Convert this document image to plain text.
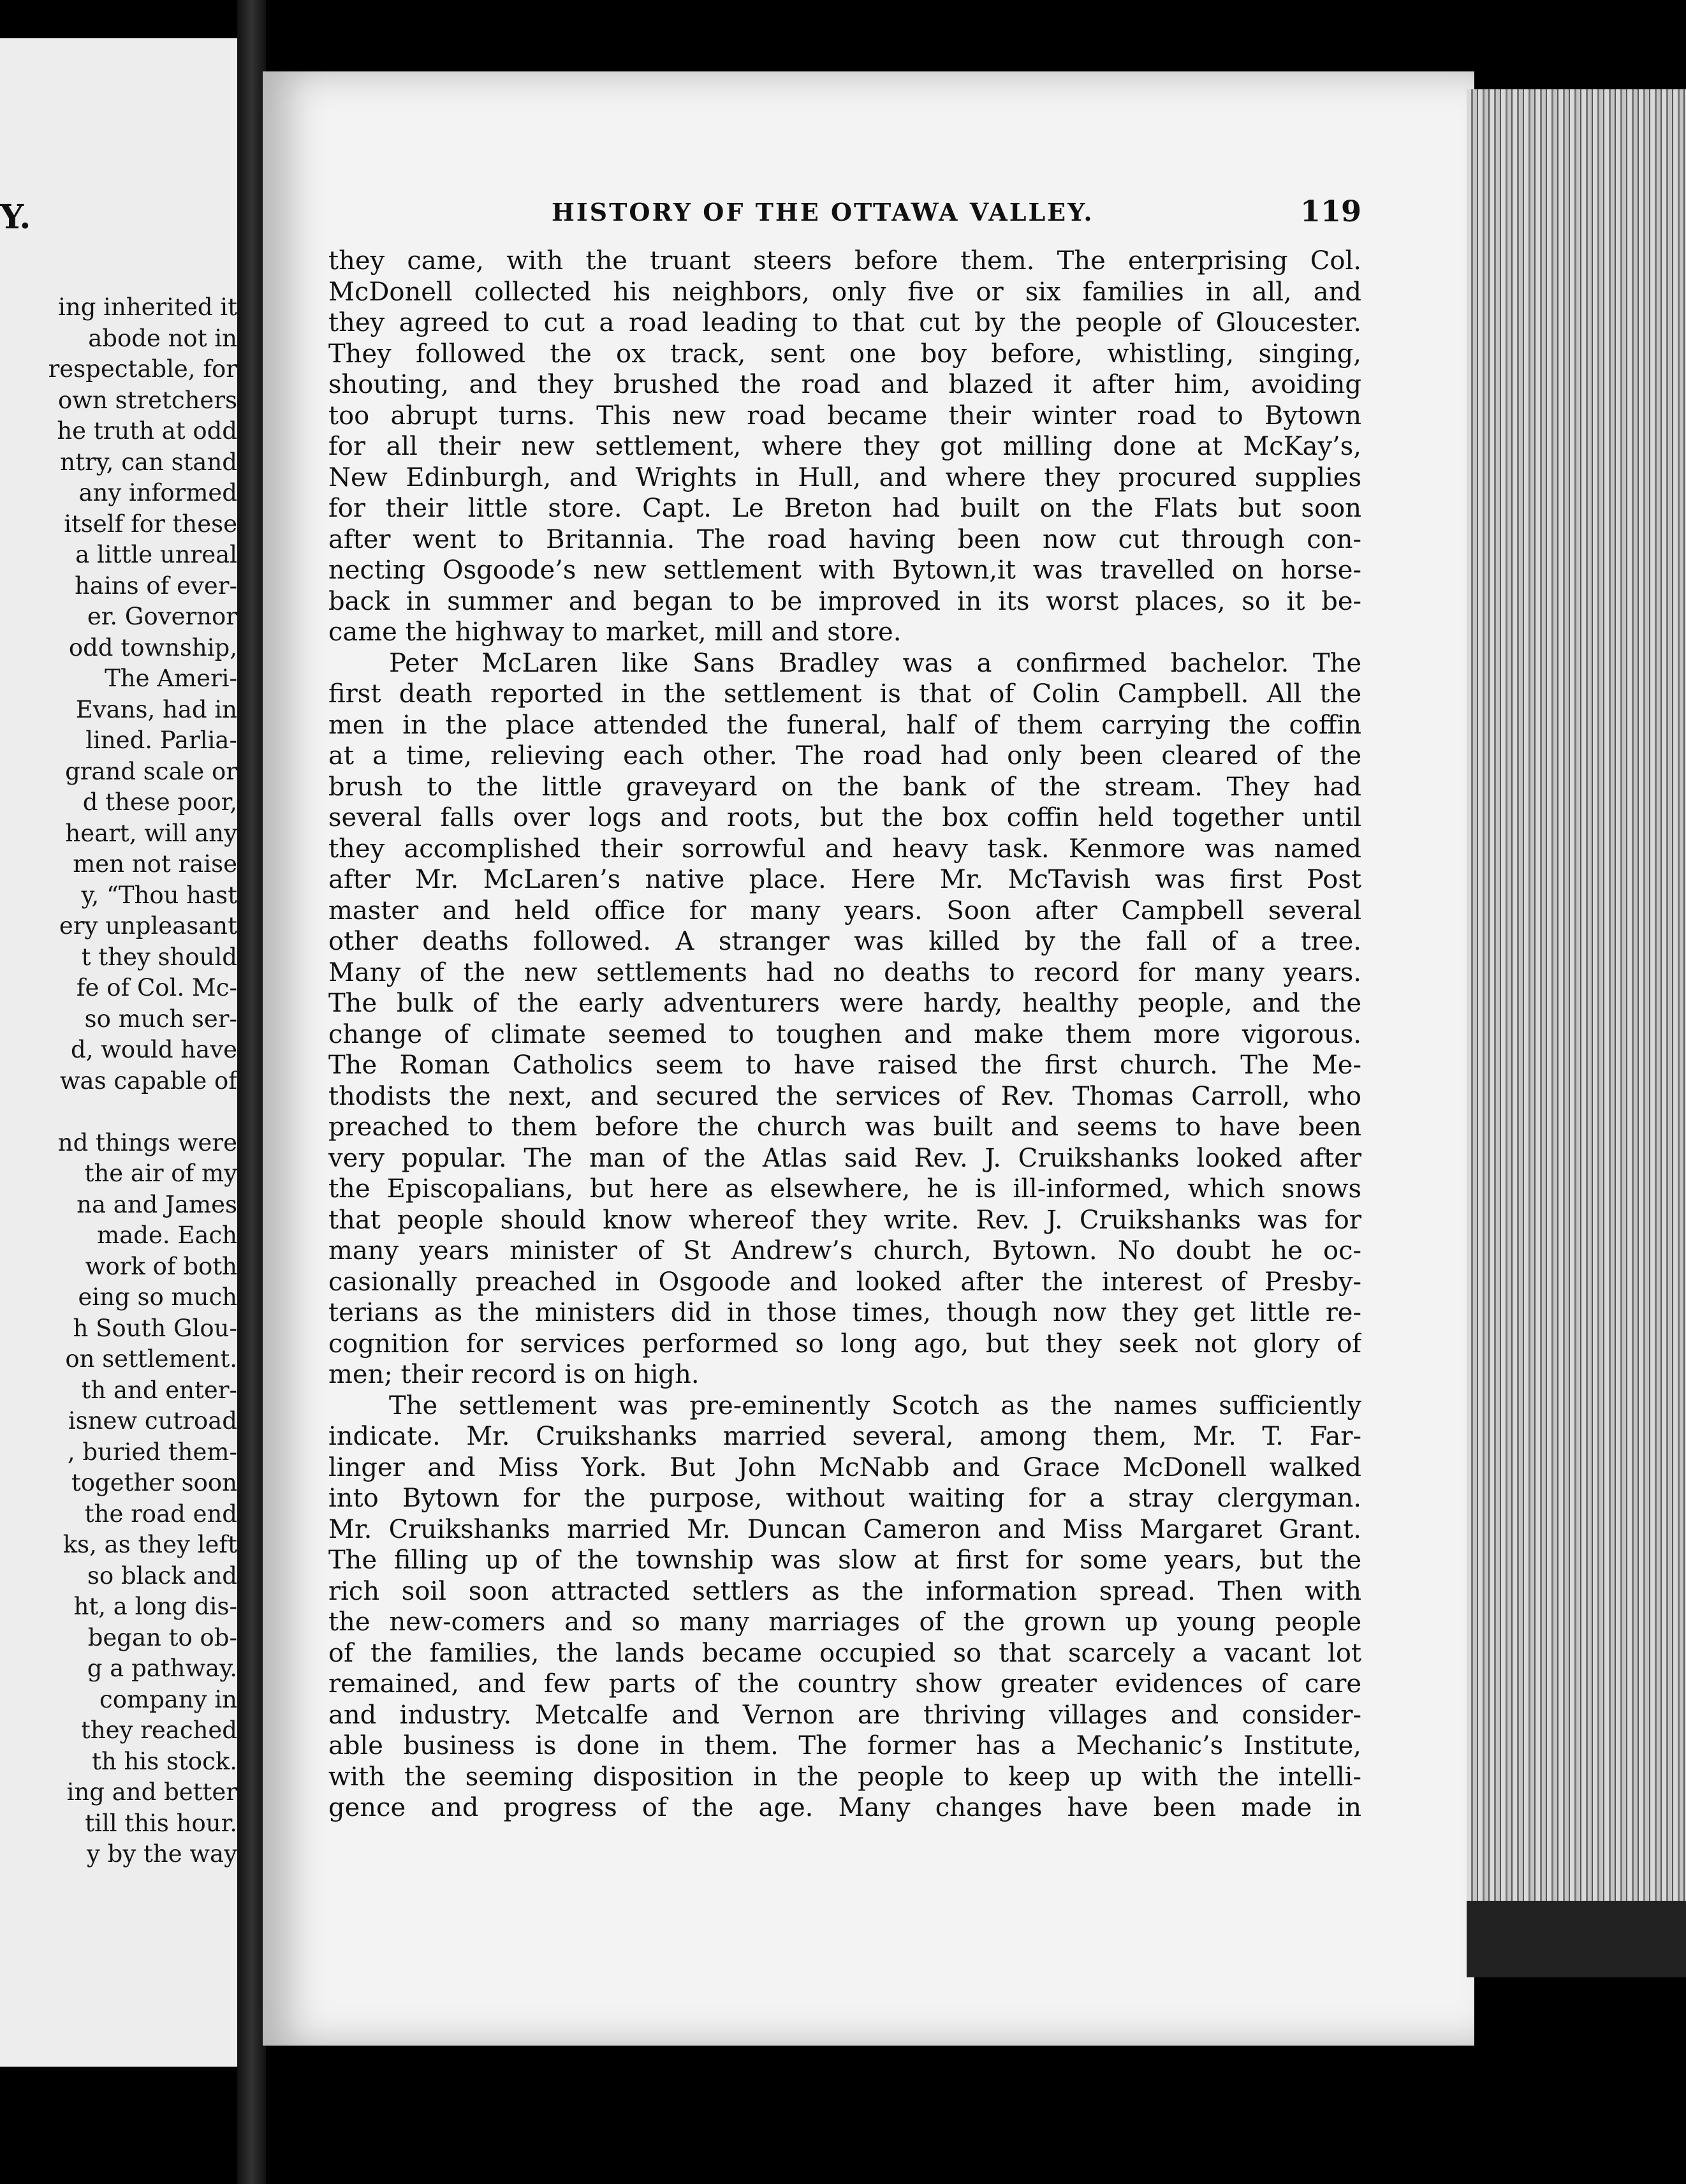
Y.
ing inherited it
abode not in
respectable, for
own stretchers
he truth at odd
ntry, can stand
any informed
itself for these
a little unreal
hains of ever-
er. Governor
odd township,
The Ameri-
Evans, had in
lined. Parlia-
grand scale or
d these poor,
heart, will any
men not raise
y, “Thou hast
ery unpleasant
t they should
fe of Col. Mc-
so much ser-
d, would have
was capable of
nd things were
the air of my
na and James
made. Each
work of both
eing so much
h South Glou-
on settlement.
th and enter-
isnew cutroad
, buried them-
together soon
the road end
ks, as they left
so black and
ht, a long dis-
began to ob-
g a pathway.
company in
they reached
th his stock.
ing and better
till this hour.
y by the way
HISTORY OF THE OTTAWA VALLEY.	119
they came, with the truant steers before them. The enterprising Col.
McDonell collected his neighbors, only five or six families in all, and
they agreed to cut a road leading to that cut by the people of Gloucester.
They followed the ox track, sent one boy before, whistling, singing,
shouting, and they brushed the road and blazed it after him, avoiding
too abrupt turns. This new road became their winter road to Bytown
for all their new settlement, where they got milling done at McKay’s,
New Edinburgh, and Wrights in Hull, and where they procured supplies
for their little store. Capt. Le Breton had built on the Flats but soon
after went to Britannia. The road having been now cut through con-
necting Osgoode’s new settlement with Bytown,it was travelled on horse-
back in summer and began to be improved in its worst places, so it be-
came the highway to market, mill and store.
Peter McLaren like Sans Bradley was a confirmed bachelor. The
first death reported in the settlement is that of Colin Campbell. All the
men in the place attended the funeral, half of them carrying the coffin
at a time, relieving each other. The road had only been cleared of the
brush to the little graveyard on the bank of the stream. They had
several falls over logs and roots, but the box coffin held together until
they accomplished their sorrowful and heavy task. Kenmore was named
after Mr. McLaren’s native place. Here Mr. McTavish was first Post
master and held office for many years. Soon after Campbell several
other deaths followed. A stranger was killed by the fall of a tree.
Many of the new settlements had no deaths to record for many years.
The bulk of the early adventurers were hardy, healthy people, and the
change of climate seemed to toughen and make them more vigorous.
The Roman Catholics seem to have raised the first church. The Me-
thodists the next, and secured the services of Rev. Thomas Carroll, who
preached to them before the church was built and seems to have been
very popular. The man of the Atlas said Rev. J. Cruikshanks looked after
the Episcopalians, but here as elsewhere, he is ill-informed, which snows
that people should know whereof they write. Rev. J. Cruikshanks was for
many years minister of St Andrew’s church, Bytown. No doubt he oc-
casionally preached in Osgoode and looked after the interest of Presby-
terians as the ministers did in those times, though now they get little re-
cognition for services performed so long ago, but they seek not glory of
men; their record is on high.
The settlement was pre-eminently Scotch as the names sufficiently
indicate. Mr. Cruikshanks married several, among them, Mr. T. Far-
linger and Miss York. But John McNabb and Grace McDonell walked
into Bytown for the purpose, without waiting for a stray clergyman.
Mr. Cruikshanks married Mr. Duncan Cameron and Miss Margaret Grant.
The filling up of the township was slow at first for some years, but the
rich soil soon attracted settlers as the information spread. Then with
the new-comers and so many marriages of the grown up young people
of the families, the lands became occupied so that scarcely a vacant lot
remained, and few parts of the country show greater evidences of care
and industry. Metcalfe and Vernon are thriving villages and consider-
able business is done in them. The former has a Mechanic’s Institute,
with the seeming disposition in the people to keep up with the intelli-
gence and progress of the age. Many changes have been made in
